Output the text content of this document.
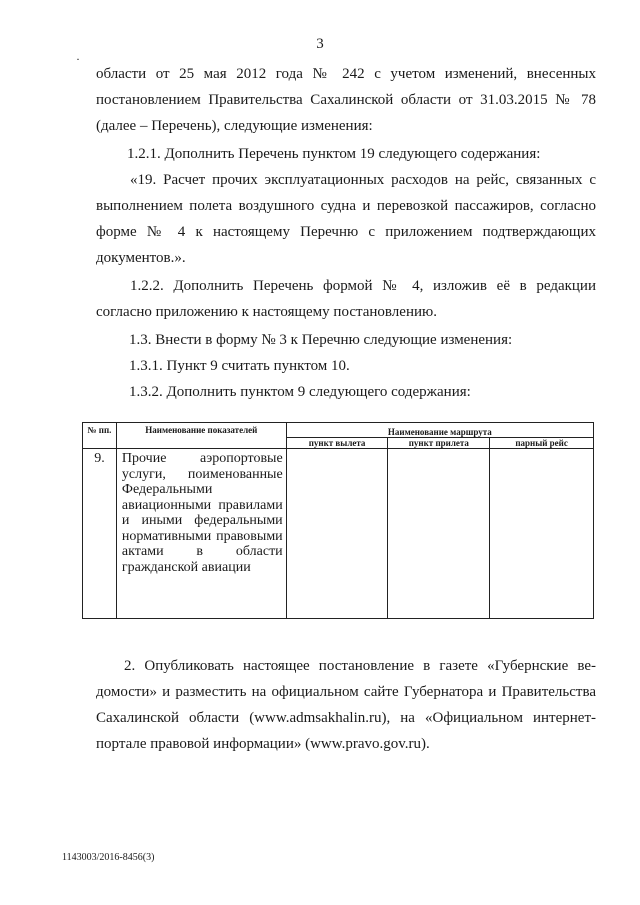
3
·
области от 25 мая 2012 года № 242 с учетом изменений, внесенных
постановлением Правительства Сахалинской области от 31.03.2015 № 78
(далее – Перечень), следующие изменения:
1.2.1. Дополнить Перечень пунктом 19 следующего содержания:
«19. Расчет прочих эксплуатационных расходов на рейс, связанных с
выполнением полета воздушного судна и перевозкой пассажиров, согласно
форме № 4 к настоящему Перечню с приложением подтверждающих
документов.».
1.2.2. Дополнить Перечень формой № 4, изложив её в редакции
согласно приложению к настоящему постановлению.
1.3. Внести в форму № 3 к Перечню следующие изменения:
1.3.1. Пункт 9 считать пунктом 10.
1.3.2. Дополнить пунктом 9 следующего содержания:
№ пп.	Наименование показателей	Наименование маршрута		
		пункт вылета	пункт прилета	парный рейс
9.	Прочие аэропортовые услуги, поименованные Федеральными авиационными правилами и иными федеральными нормативными правовыми актами в области гражданской авиации			
2. Опубликовать настоящее постановление в газете «Губернские ве-
домости» и разместить на официальном сайте Губернатора и Правительства
Сахалинской области (www.admsakhalin.ru), на «Официальном интернет-
портале правовой информации» (www.pravo.gov.ru).
1143003/2016-8456(3)
